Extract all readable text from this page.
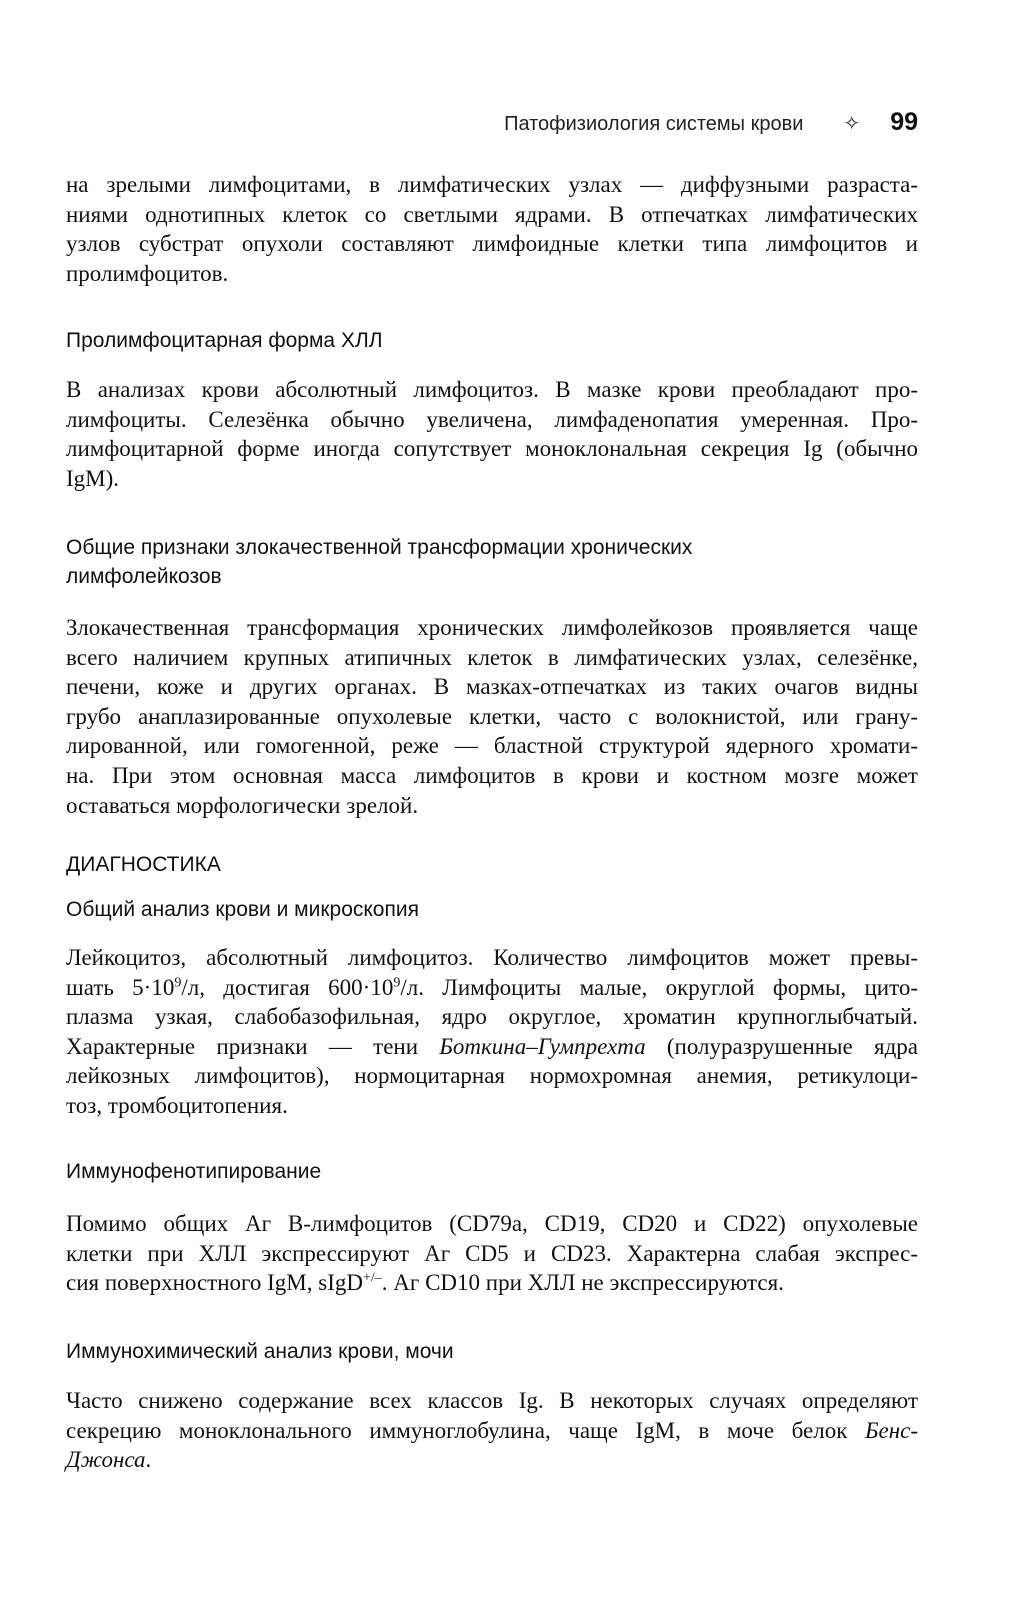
Патофизиология системы крови ✧ 99

на зрелыми лимфоцитами, в лимфатических узлах — диффузными разраста-

ниями однотипных клеток со светлыми ядрами. В отпечатках лимфатических

узлов субстрат опухоли составляют лимфоидные клетки типа лимфоцитов и

пролимфоцитов.

Пролимфоцитарная форма ХЛЛ

В анализах крови абсолютный лимфоцитоз. В мазке крови преобладают про-

лимфоциты. Селезёнка обычно увеличена, лимфаденопатия умеренная. Про-

лимфоцитарной форме иногда сопутствует моноклональная секреция Ig (обычно

IgM).

Общие признаки злокачественной трансформации хронических
лимфолейкозов

Злокачественная трансформация хронических лимфолейкозов проявляется чаще

всего наличием крупных атипичных клеток в лимфатических узлах, селезёнке,

печени, коже и других органах. В мазках-отпечатках из таких очагов видны

грубо анаплазированные опухолевые клетки, часто с волокнистой, или грану-

лированной, или гомогенной, реже — бластной структурой ядерного хромати-

на. При этом основная масса лимфоцитов в крови и костном мозге может

оставаться морфологически зрелой.

ДИАГНОСТИКА
Общий анализ крови и микроскопия

Лейкоцитоз, абсолютный лимфоцитоз. Количество лимфоцитов может превы-

шать $5\cdot 10^9/л$, достигая $600\cdot 10^9/л$. Лимфоциты малые, округлой формы, цито-

плазма узкая, слабобазофильная, ядро округлое, хроматин крупноглыбчатый.

Характерные признаки — тени Боткина–Гумпрехта (полуразрушенные ядра

лейкозных лимфоцитов), нормоцитарная нормохромная анемия, ретикулоци-

тоз, тромбоцитопения.

Иммунофенотипирование

Помимо общих Аг В-лимфоцитов (CD79a, CD19, CD20 и CD22) опухолевые

клетки при ХЛЛ экспрессируют Аг CD5 и CD23. Характерна слабая экспрес-

сия поверхностного IgM, sIgD+/–. Аг CD10 при ХЛЛ не экспрессируются.

Иммунохимический анализ крови, мочи

Часто снижено содержание всех классов Ig. В некоторых случаях определяют

секрецию моноклонального иммуноглобулина, чаще IgM, в моче белок Бенс-

Джонса.
